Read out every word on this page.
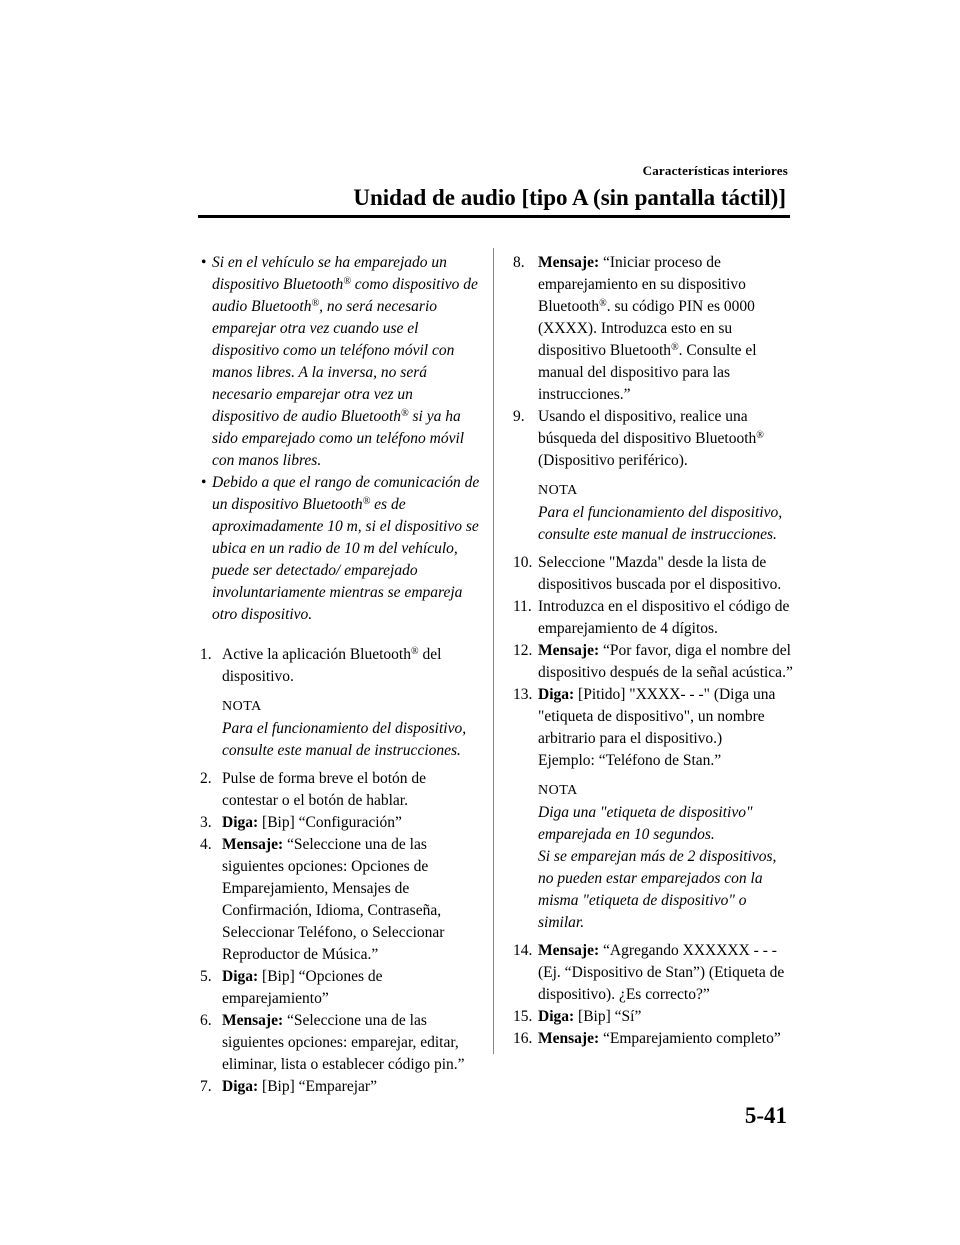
Características interiores
Unidad de audio [tipo A (sin pantalla táctil)]
• Si en el vehículo se ha emparejado un dispositivo Bluetooth® como dispositivo de audio Bluetooth®, no será necesario emparejar otra vez cuando use el dispositivo como un teléfono móvil con manos libres. A la inversa, no será necesario emparejar otra vez un dispositivo de audio Bluetooth® si ya ha sido emparejado como un teléfono móvil con manos libres.
• Debido a que el rango de comunicación de un dispositivo Bluetooth® es de aproximadamente 10 m, si el dispositivo se ubica en un radio de 10 m del vehículo, puede ser detectado/ emparejado involuntariamente mientras se empareja otro dispositivo.
1. Active la aplicación Bluetooth® del dispositivo.
NOTA
Para el funcionamiento del dispositivo, consulte este manual de instrucciones.
2. Pulse de forma breve el botón de contestar o el botón de hablar.
3. Diga: [Bip] “Configuración”
4. Mensaje: “Seleccione una de las siguientes opciones: Opciones de Emparejamiento, Mensajes de Confirmación, Idioma, Contraseña, Seleccionar Teléfono, o Seleccionar Reproductor de Música.”
5. Diga: [Bip] “Opciones de emparejamiento”
6. Mensaje: “Seleccione una de las siguientes opciones: emparejar, editar, eliminar, lista o establecer código pin.”
7. Diga: [Bip] “Emparejar”
8. Mensaje: “Iniciar proceso de emparejamiento en su dispositivo Bluetooth®. su código PIN es 0000 (XXXX). Introduzca esto en su dispositivo Bluetooth®. Consulte el manual del dispositivo para las instrucciones.”
9. Usando el dispositivo, realice una búsqueda del dispositivo Bluetooth® (Dispositivo periférico).
NOTA
Para el funcionamiento del dispositivo, consulte este manual de instrucciones.
10. Seleccione "Mazda" desde la lista de dispositivos buscada por el dispositivo.
11. Introduzca en el dispositivo el código de emparejamiento de 4 dígitos.
12. Mensaje: “Por favor, diga el nombre del dispositivo después de la señal acústica.”
13. Diga: [Pitido] "XXXX- - -" (Diga una "etiqueta de dispositivo", un nombre arbitrario para el dispositivo.)
Ejemplo: “Teléfono de Stan.”
NOTA
Diga una "etiqueta de dispositivo" emparejada en 10 segundos.
Si se emparejan más de 2 dispositivos, no pueden estar emparejados con la misma "etiqueta de dispositivo" o similar.
14. Mensaje: “Agregando XXXXXX - - - (Ej. “Dispositivo de Stan”) (Etiqueta de dispositivo). ¿Es correcto?”
15. Diga: [Bip] “Sí”
16. Mensaje: “Emparejamiento completo”
5-41
